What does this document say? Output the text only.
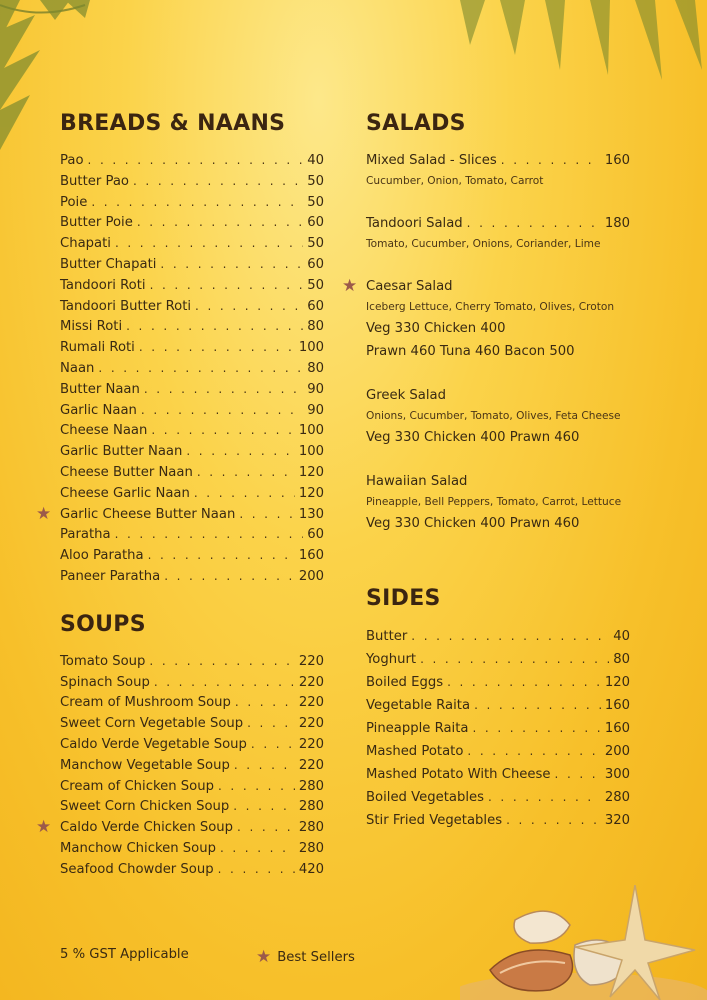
BREADS & NAANS
Pao . . .	40
Butter Pao . . .	50
Poie . . .	50
Butter Poie . . .	60
Chapati . . .	50
Butter Chapati . . .	60
Tandoori Roti . . .	50
Tandoori Butter Roti . . .	60
Missi Roti . . .	80
Rumali Roti . . .	100
Naan . . .	80
Butter Naan . . .	90
Garlic Naan . . .	90
Cheese Naan . . .	100
Garlic Butter Naan . . .	100
Cheese Butter Naan . . .	120
Cheese Garlic Naan . . .	120
★ Garlic Cheese Butter Naan . . .	130
Paratha . . .	60
Aloo Paratha . . .	160
Paneer Paratha . . .	200
SOUPS
Tomato Soup . . .	220
Spinach Soup . . .	220
Cream of Mushroom Soup . . .	220
Sweet Corn Vegetable Soup . . .	220
Caldo Verde Vegetable Soup . . .	220
Manchow Vegetable Soup . . .	220
Cream of Chicken Soup . . .	280
Sweet Corn Chicken Soup . . .	280
★ Caldo Verde Chicken Soup . . .	280
Manchow Chicken Soup . . .	280
Seafood Chowder Soup . . .	420
SALADS
Mixed Salad - Slices . . .	160
Cucumber, Onion, Tomato, Carrot
Tandoori Salad . . .	180
Tomato, Cucumber, Onions, Coriander, Lime
★ Caesar Salad
Iceberg Lettuce, Cherry Tomato, Olives, Croton
Veg 330 Chicken 400
Prawn 460 Tuna 460 Bacon 500
Greek Salad
Onions, Cucumber, Tomato, Olives, Feta Cheese
Veg 330 Chicken 400 Prawn 460
Hawaiian Salad
Pineapple, Bell Peppers, Tomato, Carrot, Lettuce
Veg 330 Chicken 400 Prawn 460
SIDES
Butter . . .	40
Yoghurt . . .	80
Boiled Eggs . . .	120
Vegetable Raita . . .	160
Pineapple Raita . . .	160
Mashed Potato . . .	200
Mashed Potato With Cheese . . .	300
Boiled Vegetables . . .	280
Stir Fried Vegetables . . .	320
5 % GST Applicable	★ Best Sellers
